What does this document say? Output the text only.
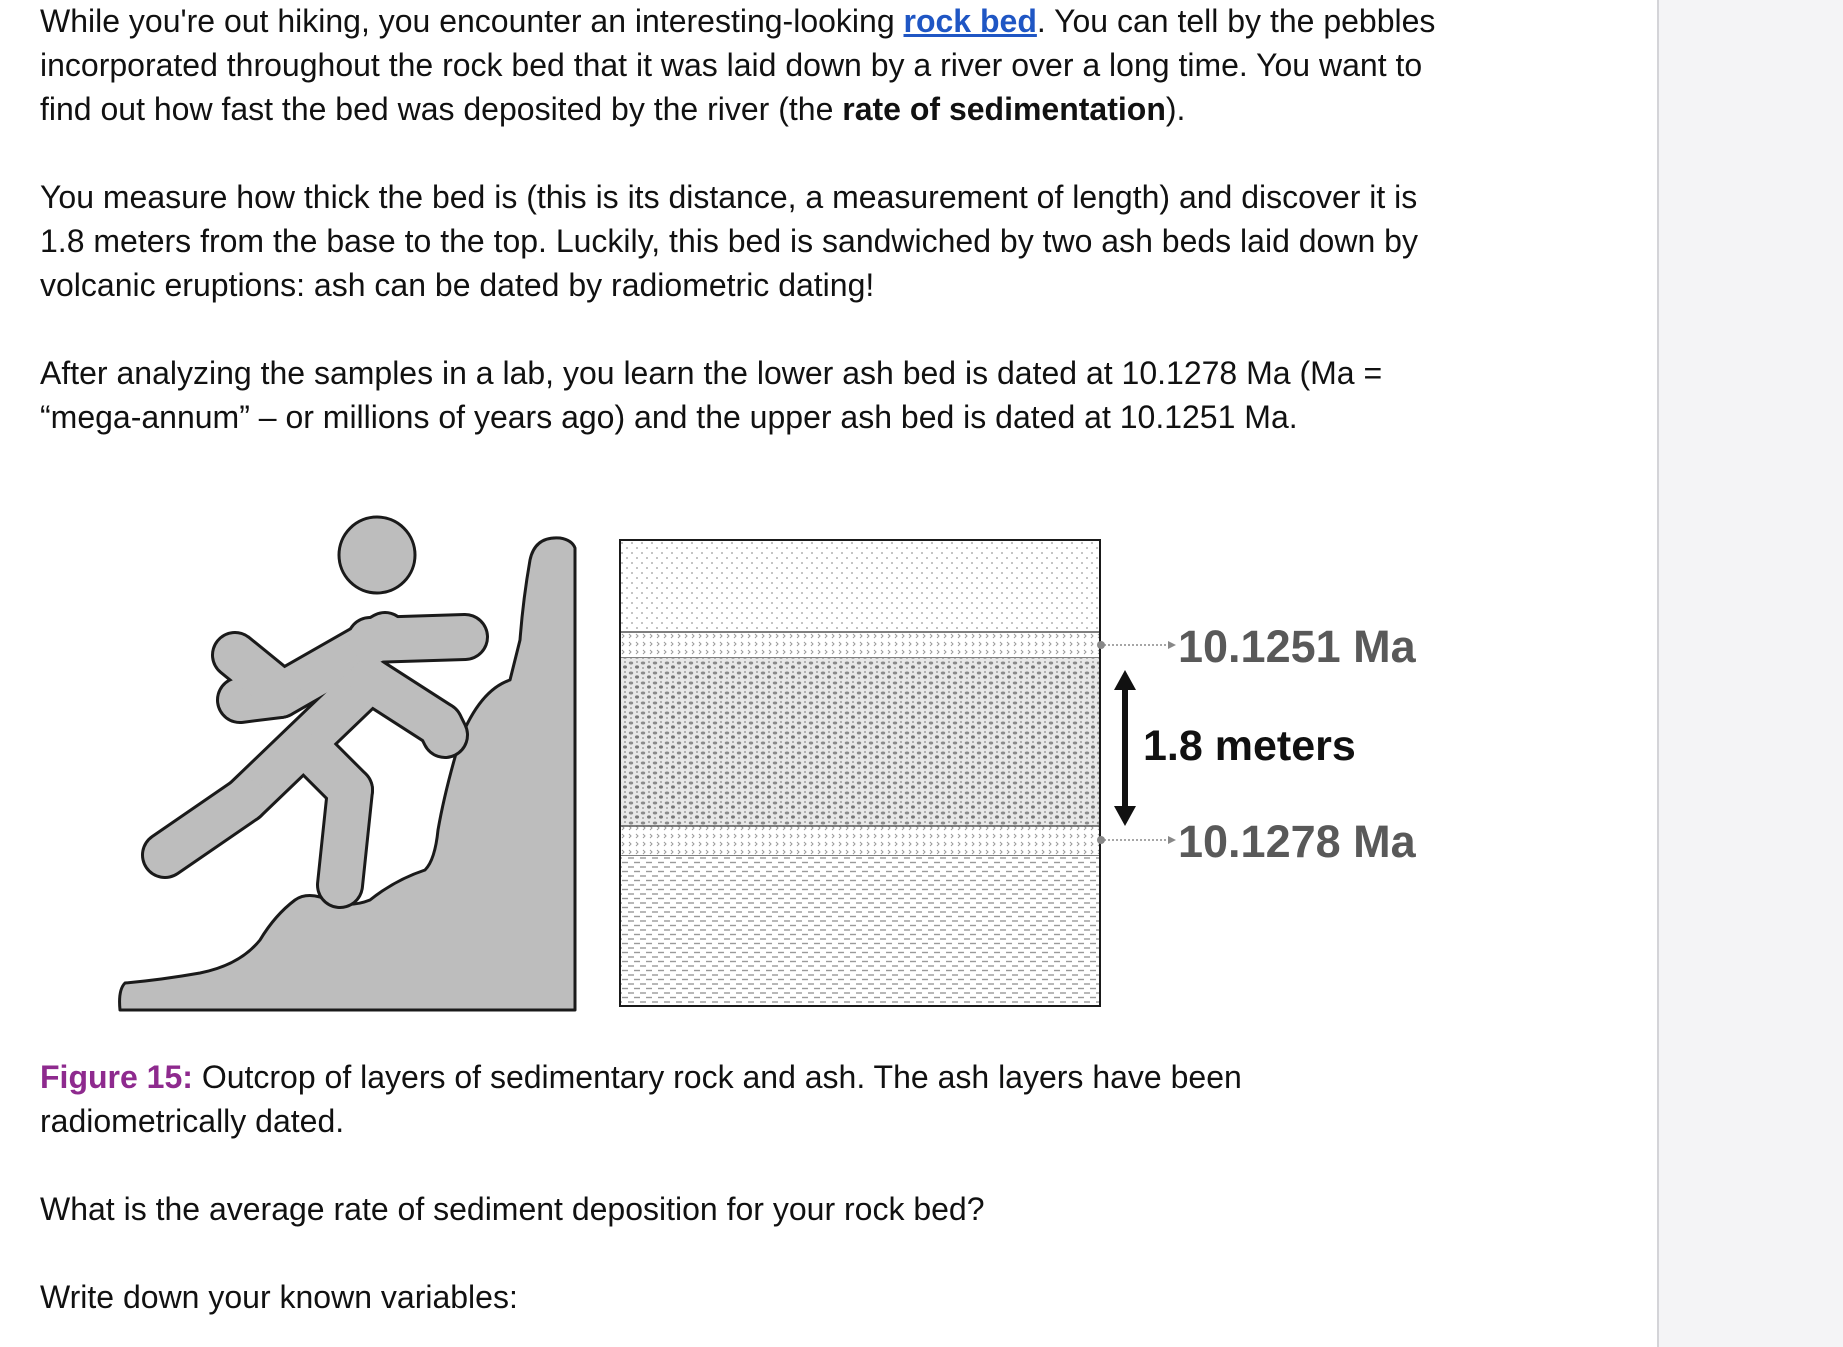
While you're out hiking, you encounter an interesting-looking rock bed. You can tell by the pebbles incorporated throughout the rock bed that it was laid down by a river over a long time. You want to find out how fast the bed was deposited by the river (the rate of sedimentation).

You measure how thick the bed is (this is its distance, a measurement of length) and discover it is 1.8 meters from the base to the top. Luckily, this bed is sandwiched by two ash beds laid down by volcanic eruptions: ash can be dated by radiometric dating!

After analyzing the samples in a lab, you learn the lower ash bed is dated at 10.1278 Ma (Ma = “mega-annum” – or millions of years ago) and the upper ash bed is dated at 10.1251 Ma.

10.1251 Ma
1.8 meters
10.1278 Ma

Figure 15: Outcrop of layers of sedimentary rock and ash. The ash layers have been radiometrically dated.

What is the average rate of sediment deposition for your rock bed?

Write down your known variables:
